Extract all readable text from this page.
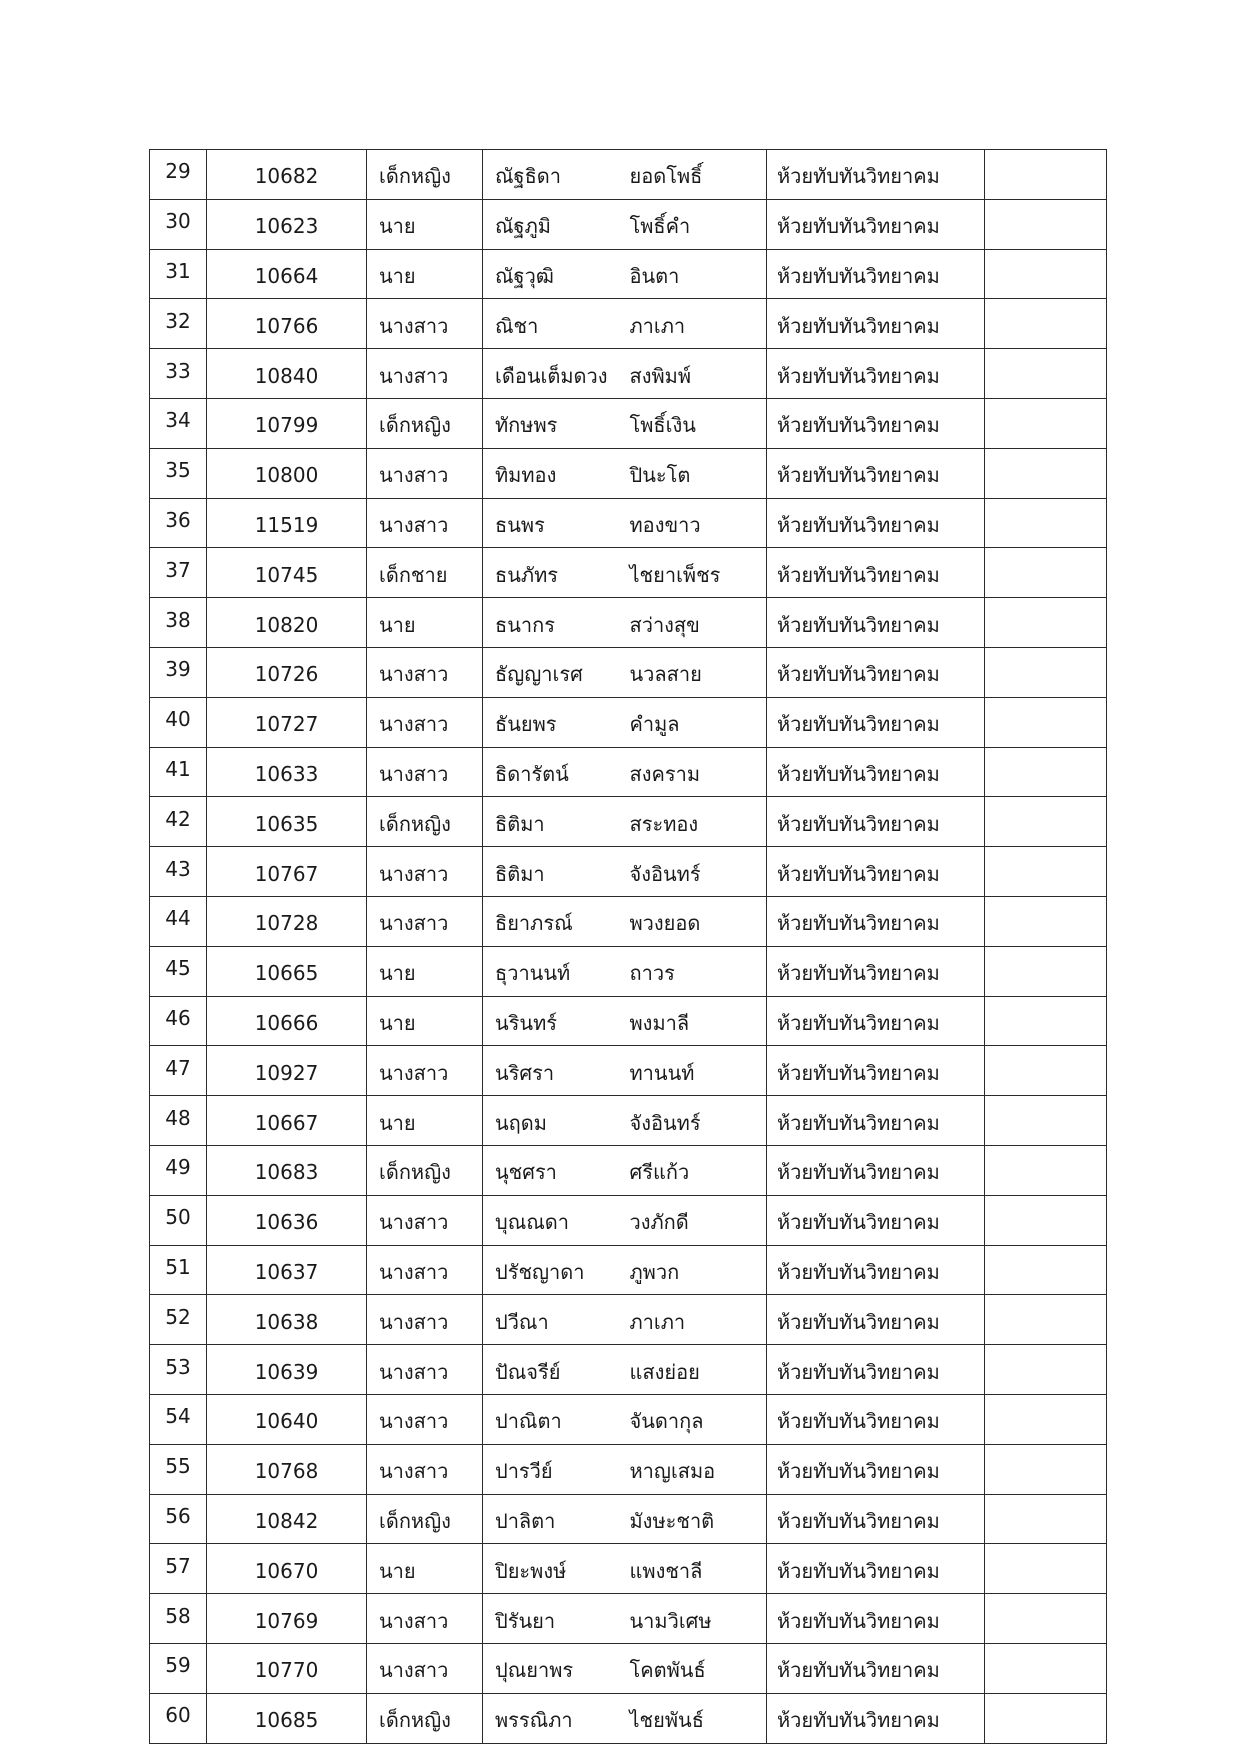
29	10682	เด็กหญิง	ณัฐธิดา	ยอดโพธิ์	ห้วยทับทันวิทยาคม	
30	10623	นาย	ณัฐภูมิ	โพธิ์คำ	ห้วยทับทันวิทยาคม	
31	10664	นาย	ณัฐวุฒิ	อินตา	ห้วยทับทันวิทยาคม	
32	10766	นางสาว	ณิชา	ภาเภา	ห้วยทับทันวิทยาคม	
33	10840	นางสาว	เดือนเต็มดวง	สงพิมพ์	ห้วยทับทันวิทยาคม	
34	10799	เด็กหญิง	ทักษพร	โพธิ์เงิน	ห้วยทับทันวิทยาคม	
35	10800	นางสาว	ทิมทอง	ปินะโต	ห้วยทับทันวิทยาคม	
36	11519	นางสาว	ธนพร	ทองขาว	ห้วยทับทันวิทยาคม	
37	10745	เด็กชาย	ธนภัทร	ไชยาเพ็ชร	ห้วยทับทันวิทยาคม	
38	10820	นาย	ธนากร	สว่างสุข	ห้วยทับทันวิทยาคม	
39	10726	นางสาว	ธัญญาเรศ	นวลสาย	ห้วยทับทันวิทยาคม	
40	10727	นางสาว	ธันยพร	คำมูล	ห้วยทับทันวิทยาคม	
41	10633	นางสาว	ธิดารัตน์	สงคราม	ห้วยทับทันวิทยาคม	
42	10635	เด็กหญิง	ธิติมา	สระทอง	ห้วยทับทันวิทยาคม	
43	10767	นางสาว	ธิติมา	จังอินทร์	ห้วยทับทันวิทยาคม	
44	10728	นางสาว	ธิยาภรณ์	พวงยอด	ห้วยทับทันวิทยาคม	
45	10665	นาย	ธุวานนท์	ถาวร	ห้วยทับทันวิทยาคม	
46	10666	นาย	นรินทร์	พงมาลี	ห้วยทับทันวิทยาคม	
47	10927	นางสาว	นริศรา	ทานนท์	ห้วยทับทันวิทยาคม	
48	10667	นาย	นฤดม	จังอินทร์	ห้วยทับทันวิทยาคม	
49	10683	เด็กหญิง	นุชศรา	ศรีแก้ว	ห้วยทับทันวิทยาคม	
50	10636	นางสาว	บุณณดา	วงภักดี	ห้วยทับทันวิทยาคม	
51	10637	นางสาว	ปรัชญาดา	ภูพวก	ห้วยทับทันวิทยาคม	
52	10638	นางสาว	ปวีณา	ภาเภา	ห้วยทับทันวิทยาคม	
53	10639	นางสาว	ปัณจรีย์	แสงย่อย	ห้วยทับทันวิทยาคม	
54	10640	นางสาว	ปาณิตา	จันดากุล	ห้วยทับทันวิทยาคม	
55	10768	นางสาว	ปารวีย์	หาญเสมอ	ห้วยทับทันวิทยาคม	
56	10842	เด็กหญิง	ปาลิตา	มังษะชาติ	ห้วยทับทันวิทยาคม	
57	10670	นาย	ปิยะพงษ์	แพงชาลี	ห้วยทับทันวิทยาคม	
58	10769	นางสาว	ปิรันยา	นามวิเศษ	ห้วยทับทันวิทยาคม	
59	10770	นางสาว	ปุณยาพร	โคตพันธ์	ห้วยทับทันวิทยาคม	
60	10685	เด็กหญิง	พรรณิภา	ไชยพันธ์	ห้วยทับทันวิทยาคม	
